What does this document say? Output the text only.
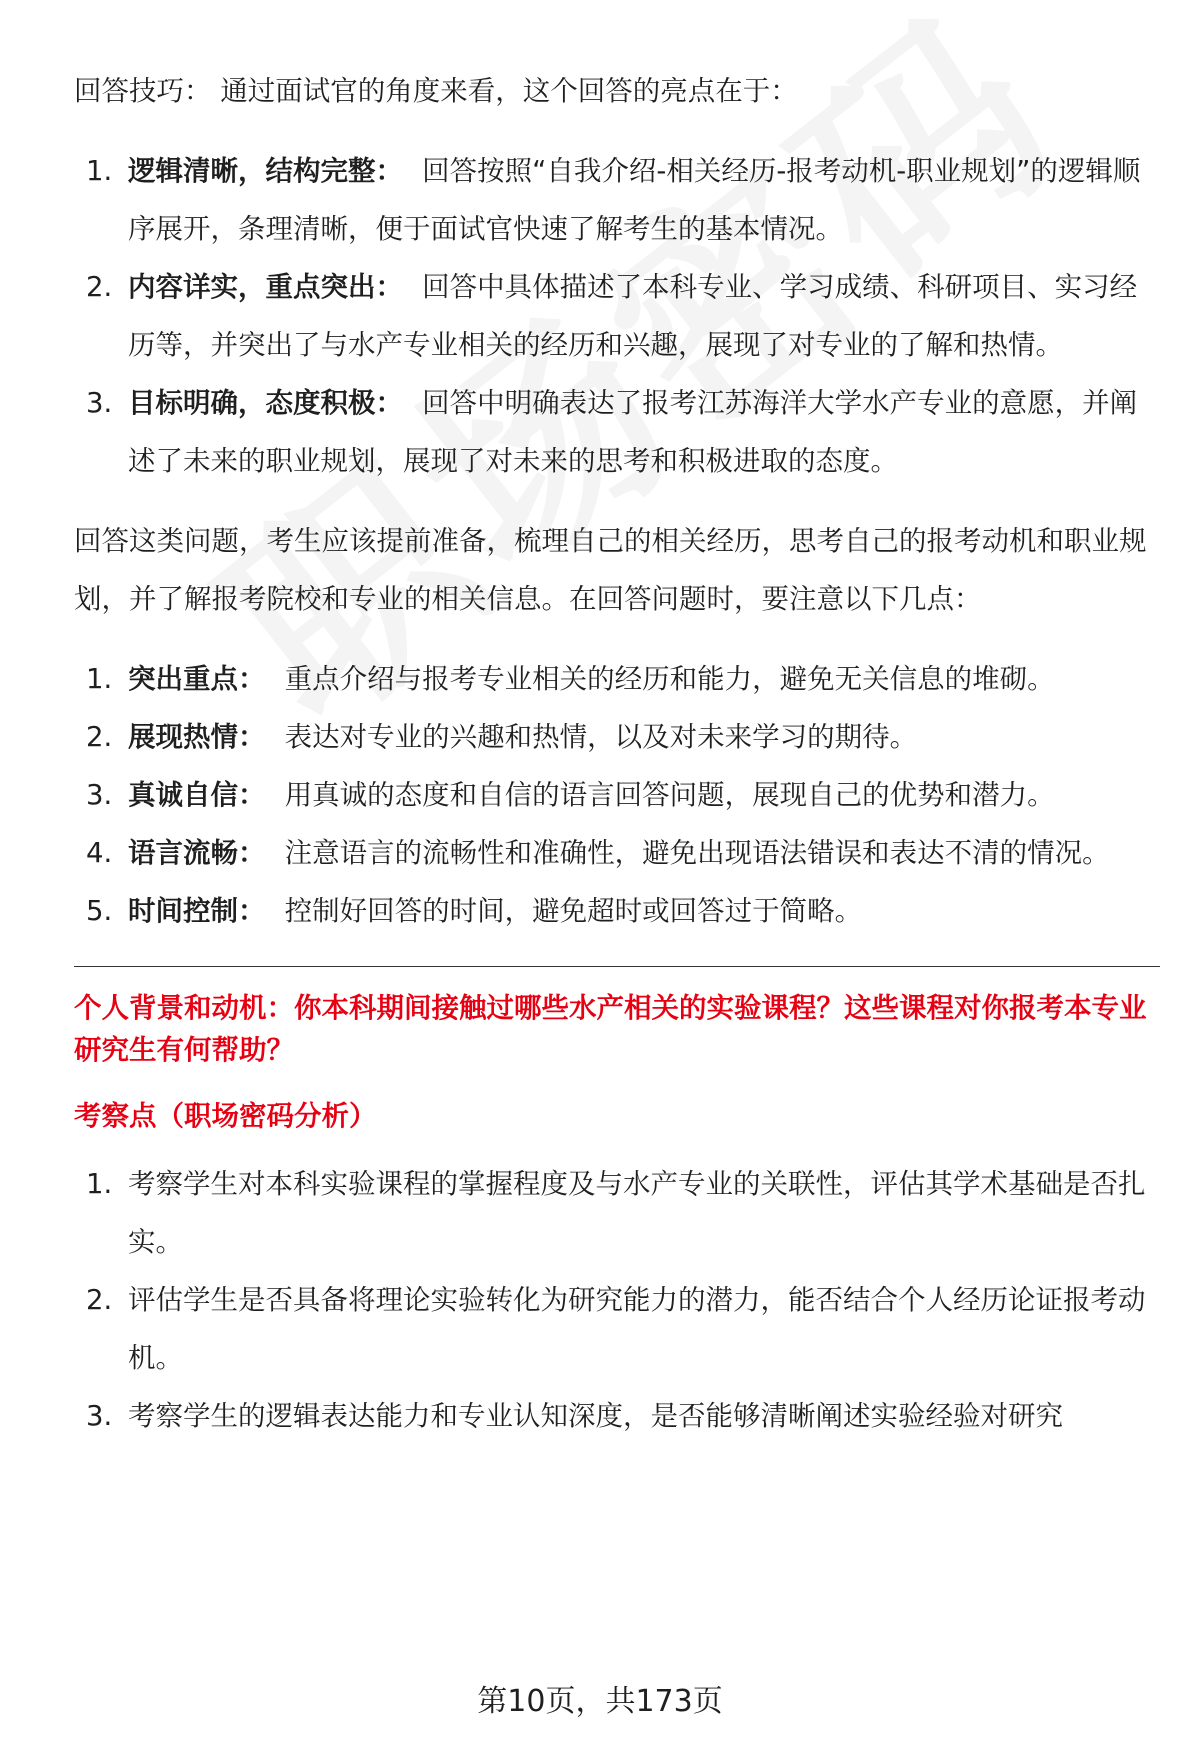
回答技巧： 通过面试官的角度来看，这个回答的亮点在于：

1. 逻辑清晰，结构完整： 回答按照“自我介绍-相关经历-报考动机-职业规划”的逻辑顺序展开，条理清晰，便于面试官快速了解考生的基本情况。
2. 内容详实，重点突出： 回答中具体描述了本科专业、学习成绩、科研项目、实习经历等，并突出了与水产专业相关的经历和兴趣，展现了对专业的了解和热情。
3. 目标明确，态度积极： 回答中明确表达了报考江苏海洋大学水产专业的意愿，并阐述了未来的职业规划，展现了对未来的思考和积极进取的态度。

回答这类问题，考生应该提前准备，梳理自己的相关经历，思考自己的报考动机和职业规划，并了解报考院校和专业的相关信息。在回答问题时，要注意以下几点：

1. 突出重点： 重点介绍与报考专业相关的经历和能力，避免无关信息的堆砌。
2. 展现热情： 表达对专业的兴趣和热情，以及对未来学习的期待。
3. 真诚自信： 用真诚的态度和自信的语言回答问题，展现自己的优势和潜力。
4. 语言流畅： 注意语言的流畅性和准确性，避免出现语法错误和表达不清的情况。
5. 时间控制： 控制好回答的时间，避免超时或回答过于简略。

个人背景和动机：你本科期间接触过哪些水产相关的实验课程？这些课程对你报考本专业研究生有何帮助？

考察点（职场密码分析）

1. 考察学生对本科实验课程的掌握程度及与水产专业的关联性，评估其学术基础是否扎实。
2. 评估学生是否具备将理论实验转化为研究能力的潜力，能否结合个人经历论证报考动机。
3. 考察学生的逻辑表达能力和专业认知深度，是否能够清晰阐述实验经验对研究
第10页，共173页
